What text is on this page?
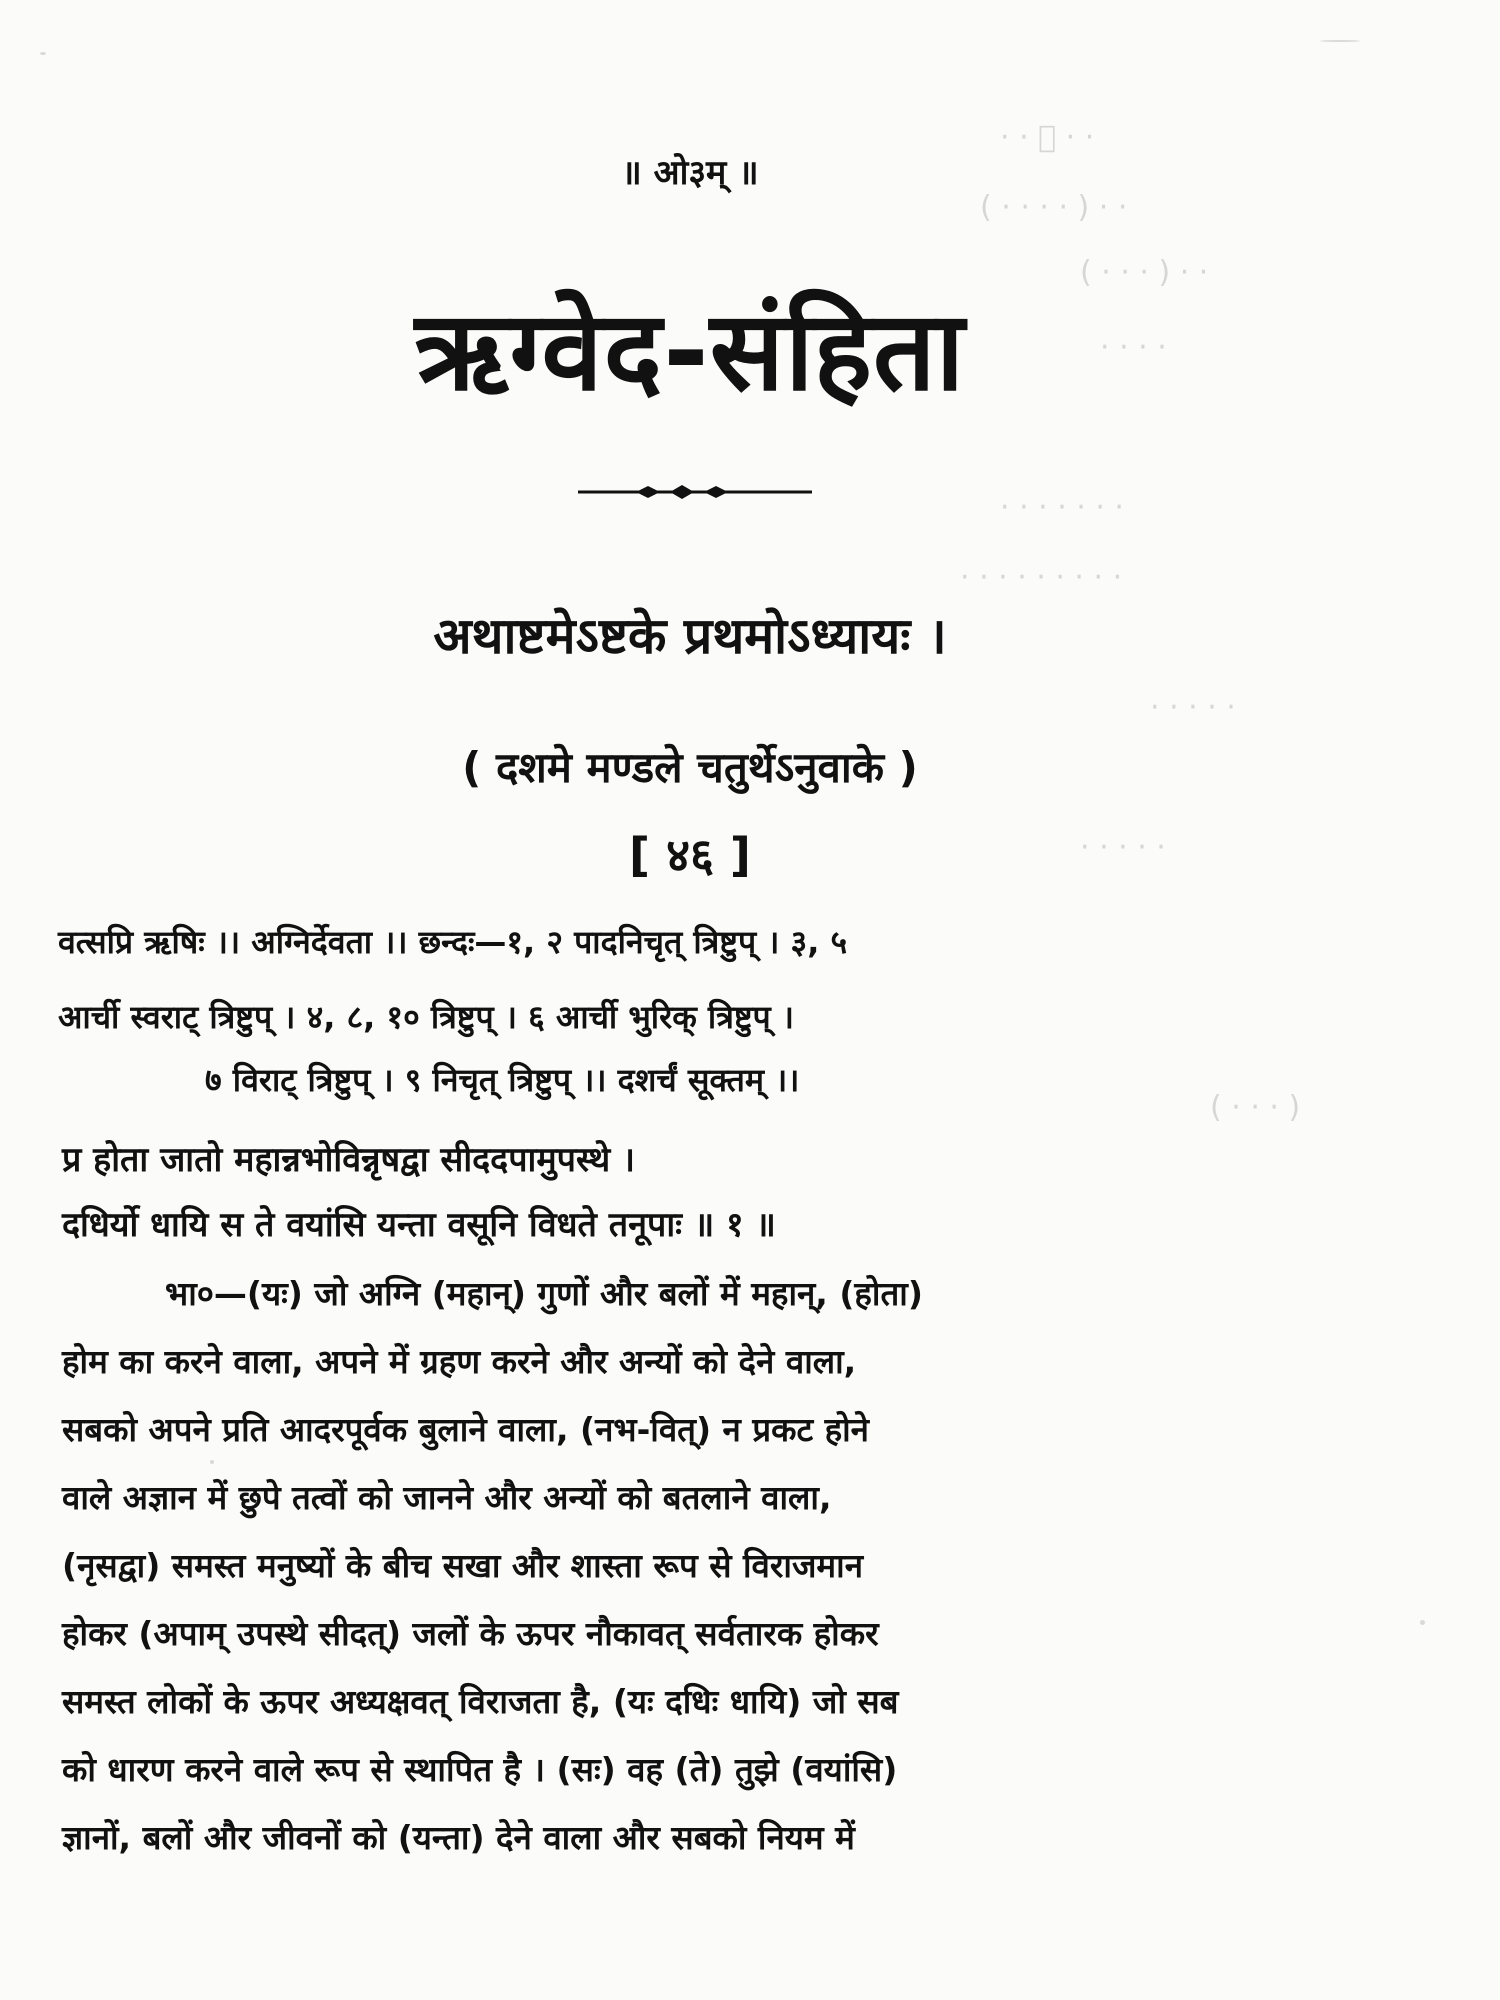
· · ᳚ · ·
( · · · · ) · ·
( · · · ) · ·
· · · ·
· · · · · · ·
· · · · · · · · ·
· · · · ·
· · · · ·
( · · · )
॥ ओ३म् ॥
ऋग्वेद-संहिता
अथाष्टमेऽष्टके प्रथमोऽध्यायः ।
( दशमे मण्डले चतुर्थेऽनुवाके )
[ ४६ ]
वत्सप्रि ऋषिः ।। अग्निर्देवता ।। छन्दः—१, २ पादनिचृत् त्रिष्टुप् । ३, ५
आर्ची स्वराट् त्रिष्टुप् । ४, ८, १० त्रिष्टुप् । ६ आर्ची भुरिक् त्रिष्टुप् ।
७ विराट् त्रिष्टुप् । ९ निचृत् त्रिष्टुप् ।। दशर्चं सूक्तम् ।।
प्र होता जातो महान्नभोविन्नृषद्वा सीददपामुपस्थे ।
दधिर्यो धायि स ते वयांसि यन्ता वसूनि विधते तनूपाः ॥ १ ॥
भा०—(यः) जो अग्नि (महान्) गुणों और बलों में महान्, (होता)
होम का करने वाला, अपने में ग्रहण करने और अन्यों को देने वाला,
सबको अपने प्रति आदरपूर्वक बुलाने वाला, (नभ-वित्) न प्रकट होने
वाले अज्ञान में छुपे तत्वों को जानने और अन्यों को बतलाने वाला,
(नृसद्वा) समस्त मनुष्यों के बीच सखा और शास्ता रूप से विराजमान
होकर (अपाम् उपस्थे सीदत्) जलों के ऊपर नौकावत् सर्वतारक होकर
समस्त लोकों के ऊपर अध्यक्षवत् विराजता है, (यः दधिः धायि) जो सब
को धारण करने वाले रूप से स्थापित है । (सः) वह (ते) तुझे (वयांसि)
ज्ञानों, बलों और जीवनों को (यन्ता) देने वाला और सबको नियम में
